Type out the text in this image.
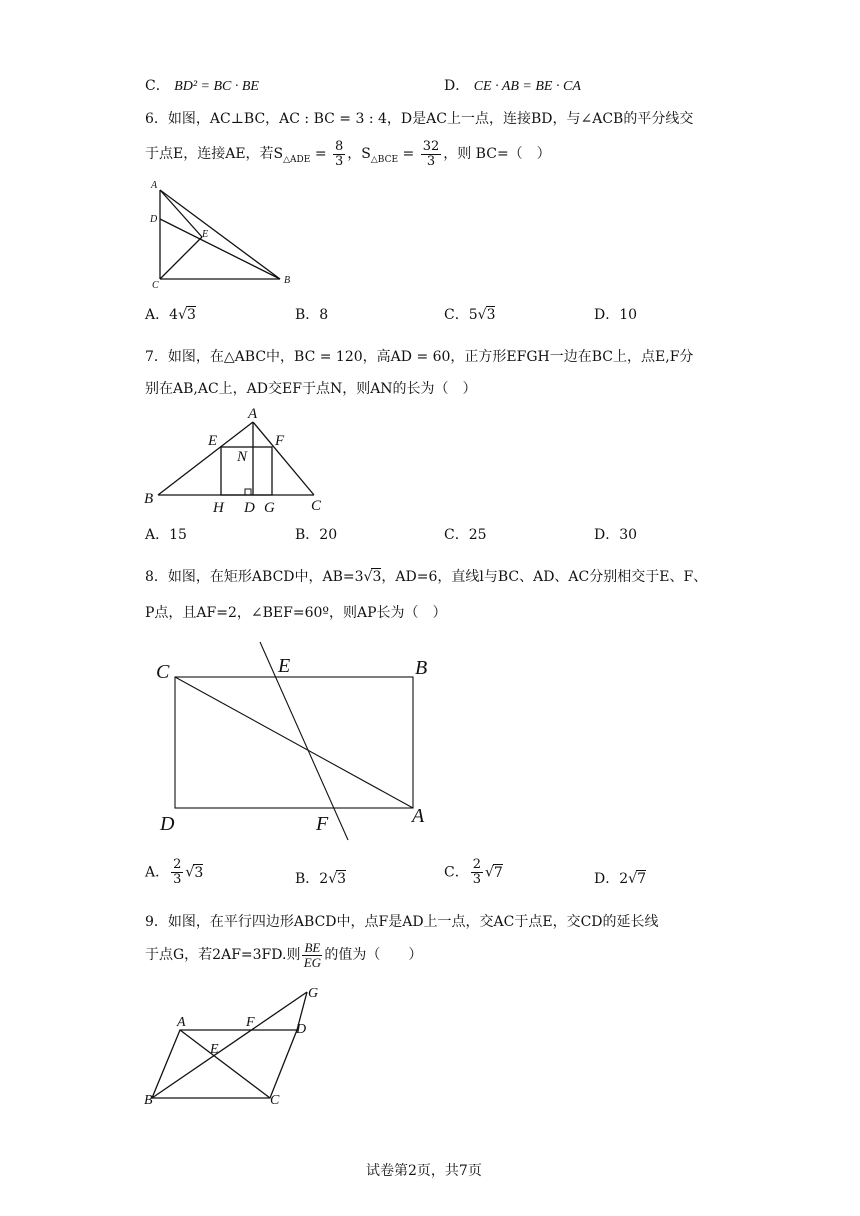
C． BD² = BC · BE	D． CE · AB = BE · CA
6．如图，AC⊥BC，AC : BC = 3 : 4，D是AC上一点，连接BD，与∠ACB的平分线交
于点E，连接AE，若$S_{\triangle ADE} = \frac{8}{3}$ ，$S_{\triangle BCE} = \frac{32}{3}$ ，则 BC=（　）
A
D
E
C	B
A．4√3	B．8	C．5√3	D．10
7．如图，在△ABC中，BC = 120，高AD = 60，正方形EFGH一边在BC上，点E,F分
别在AB,AC上，AD交EF于点N，则AN的长为（　）
A
E	F
N
B
H D G C
A．15	B．20	C．25	D．30
8．如图，在矩形ABCD中，AB=3√3，AD=6，直线l与BC、AD、AC分别相交于E、F、
P点，且AF=2，∠BEF=60º，则AP长为（　）
C	E	B
D	F	A
A． $\frac{2}{3} √3$	B．2√3	C． $\frac{2}{3} √7$	D．2√7
9．如图，在平行四边形ABCD中，点F是AD上一点，交AC于点E，交CD的延长线
于点G，若2AF=3FD.则 $\frac{BE}{EG}$ 的值为（　　）
G
A	F	D
E
B	C
试卷第2页，共7页
